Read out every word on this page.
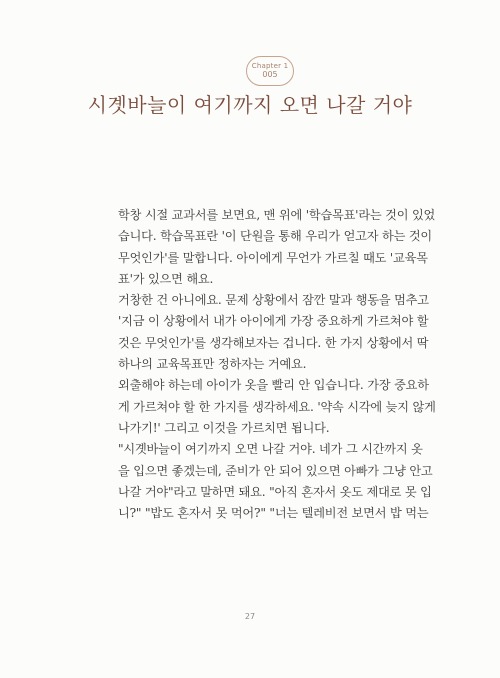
Chapter 1
005
시곗바늘이 여기까지 오면 나갈 거야

학창 시절 교과서를 보면요, 맨 위에 '학습목표'라는 것이 있었
습니다. 학습목표란 '이 단원을 통해 우리가 얻고자 하는 것이
무엇인가'를 말합니다. 아이에게 무언가 가르칠 때도 '교육목
표'가 있으면 해요.

거창한 건 아니에요. 문제 상황에서 잠깐 말과 행동을 멈추고
'지금 이 상황에서 내가 아이에게 가장 중요하게 가르쳐야 할
것은 무엇인가'를 생각해보자는 겁니다. 한 가지 상황에서 딱
하나의 교육목표만 정하자는 거예요.

외출해야 하는데 아이가 옷을 빨리 안 입습니다. 가장 중요하
게 가르쳐야 할 한 가지를 생각하세요. '약속 시각에 늦지 않게
나가기!' 그리고 이것을 가르치면 됩니다.

"시곗바늘이 여기까지 오면 나갈 거야. 네가 그 시간까지 옷
을 입으면 좋겠는데, 준비가 안 되어 있으면 아빠가 그냥 안고
나갈 거야"라고 말하면 돼요. "아직 혼자서 옷도 제대로 못 입
니?" "밥도 혼자서 못 먹어?" "너는 텔레비전 보면서 밥 먹는

27
